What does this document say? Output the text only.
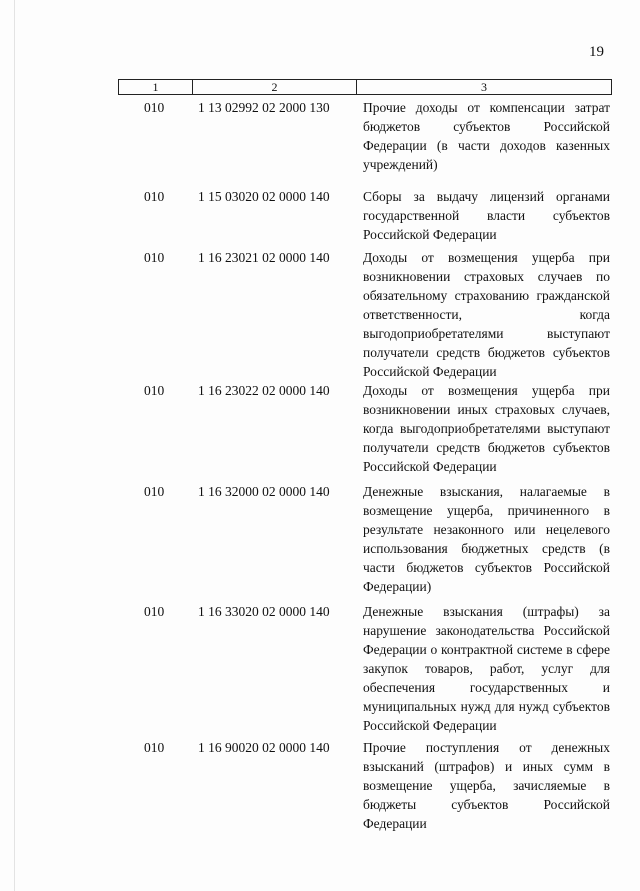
19
1	2	3
010	1 13 02992 02 2000 130 Прочие доходы от компенсации затрат бюджетов субъектов Российской Федерации (в части доходов казенных учреждений)
010	1 15 03020 02 0000 140 Сборы за выдачу лицензий органами государственной власти субъектов Российской Федерации
010	1 16 23021 02 0000 140 Доходы от возмещения ущерба при возникновении страховых случаев по обязательному страхованию гражданской ответственности, когда выгодоприобретателями выступают получатели средств бюджетов субъектов Российской Федерации
010	1 16 23022 02 0000 140 Доходы от возмещения ущерба при возникновении иных страховых случаев, когда выгодоприобретателями выступают получатели средств бюджетов субъектов Российской Федерации
010	1 16 32000 02 0000 140 Денежные взыскания, налагаемые в возмещение ущерба, причиненного в результате незаконного или нецелевого использования бюджетных средств (в части бюджетов субъектов Российской Федерации)
010	1 16 33020 02 0000 140 Денежные взыскания (штрафы) за нарушение законодательства Российской Федерации о контрактной системе в сфере закупок товаров, работ, услуг для обеспечения государственных и муниципальных нужд для нужд субъектов Российской Федерации
010	1 16 90020 02 0000 140 Прочие поступления от денежных взысканий (штрафов) и иных сумм в возмещение ущерба, зачисляемые в бюджеты субъектов Российской Федерации
